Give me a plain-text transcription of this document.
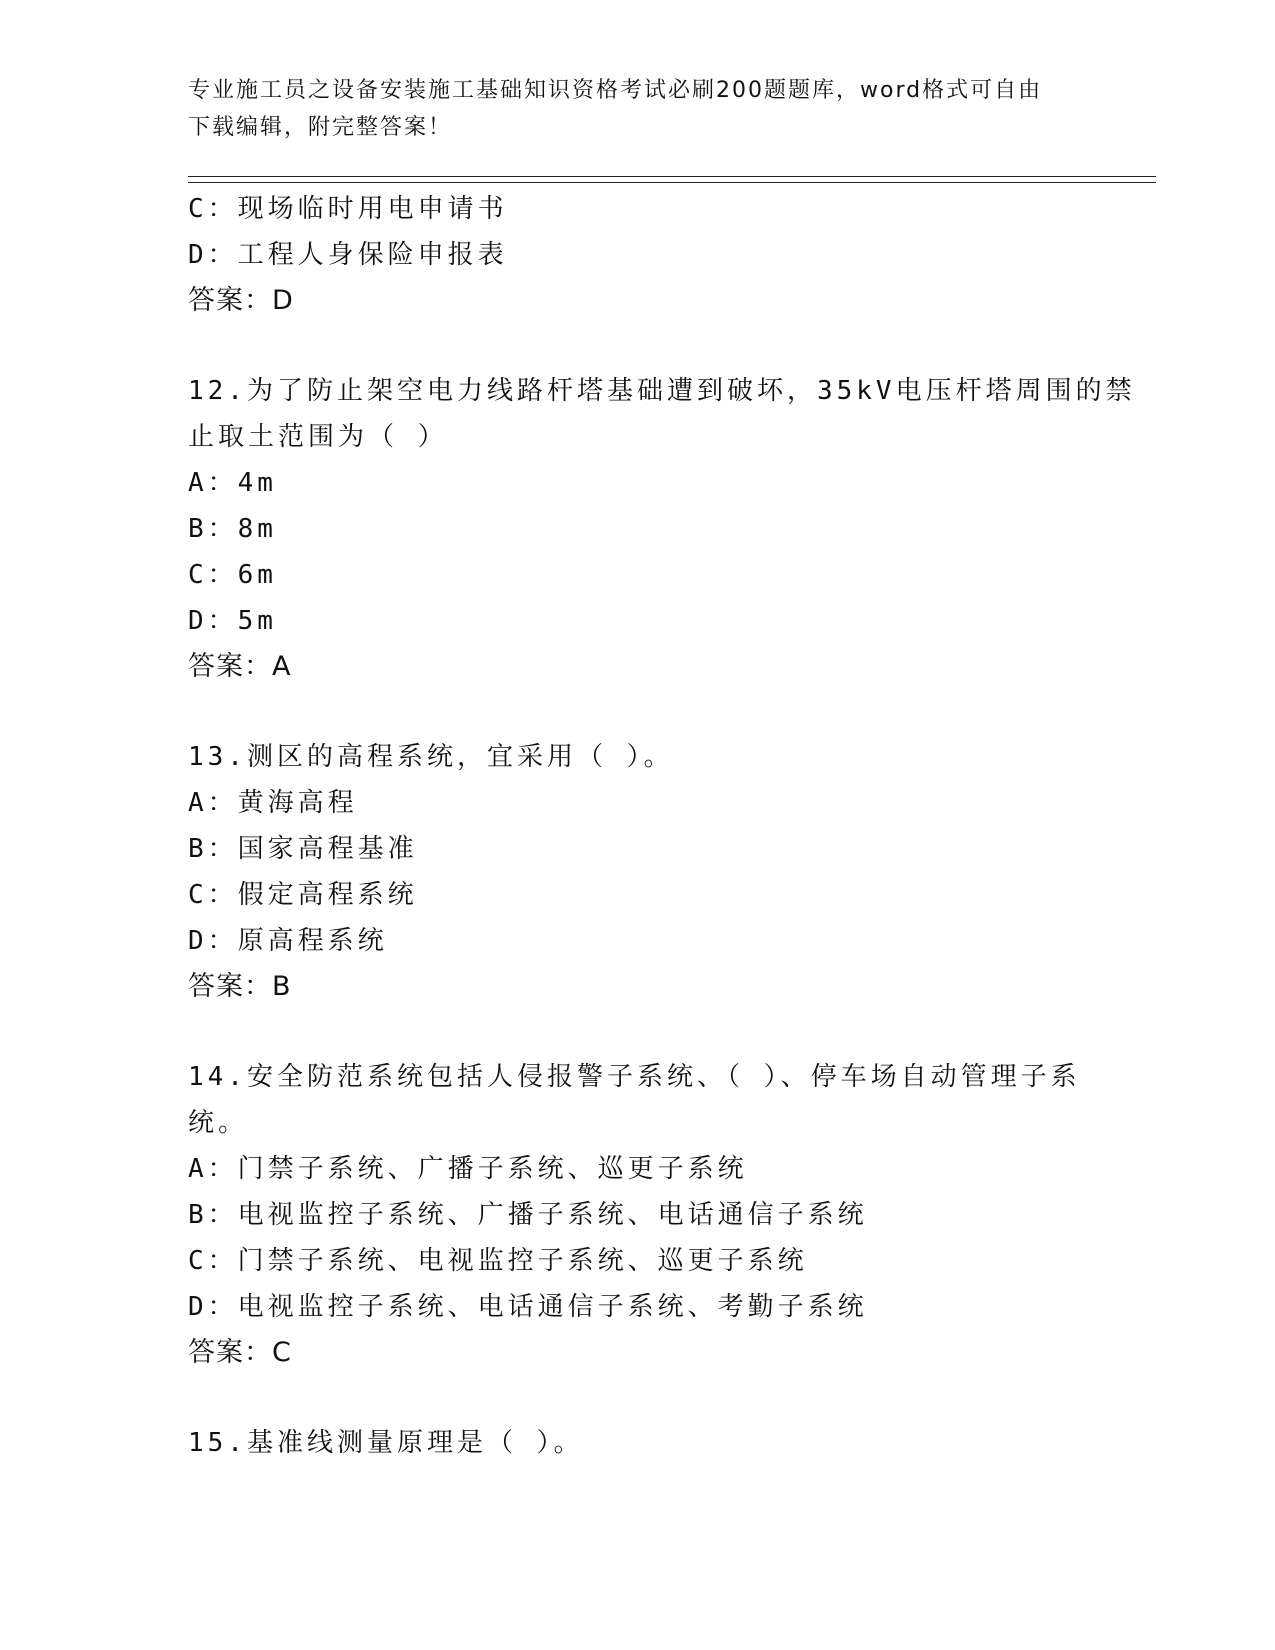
专业施工员之设备安装施工基础知识资格考试必刷200题题库，word格式可自由
下载编辑，附完整答案！
C：现场临时用电申请书
D：工程人身保险申报表
答案：D
12.为了防止架空电力线路杆塔基础遭到破坏，35kV电压杆塔周围的禁
止取土范围为（ ）
A：4m
B：8m
C：6m
D：5m
答案：A
13.测区的高程系统，宜采用（ ）。
A：黄海高程
B：国家高程基准
C：假定高程系统
D：原高程系统
答案：B
14.安全防范系统包括人侵报警子系统、（ ）、停车场自动管理子系
统。
A：门禁子系统、广播子系统、巡更子系统
B：电视监控子系统、广播子系统、电话通信子系统
C：门禁子系统、电视监控子系统、巡更子系统
D：电视监控子系统、电话通信子系统、考勤子系统
答案：C
15.基准线测量原理是（ ）。
